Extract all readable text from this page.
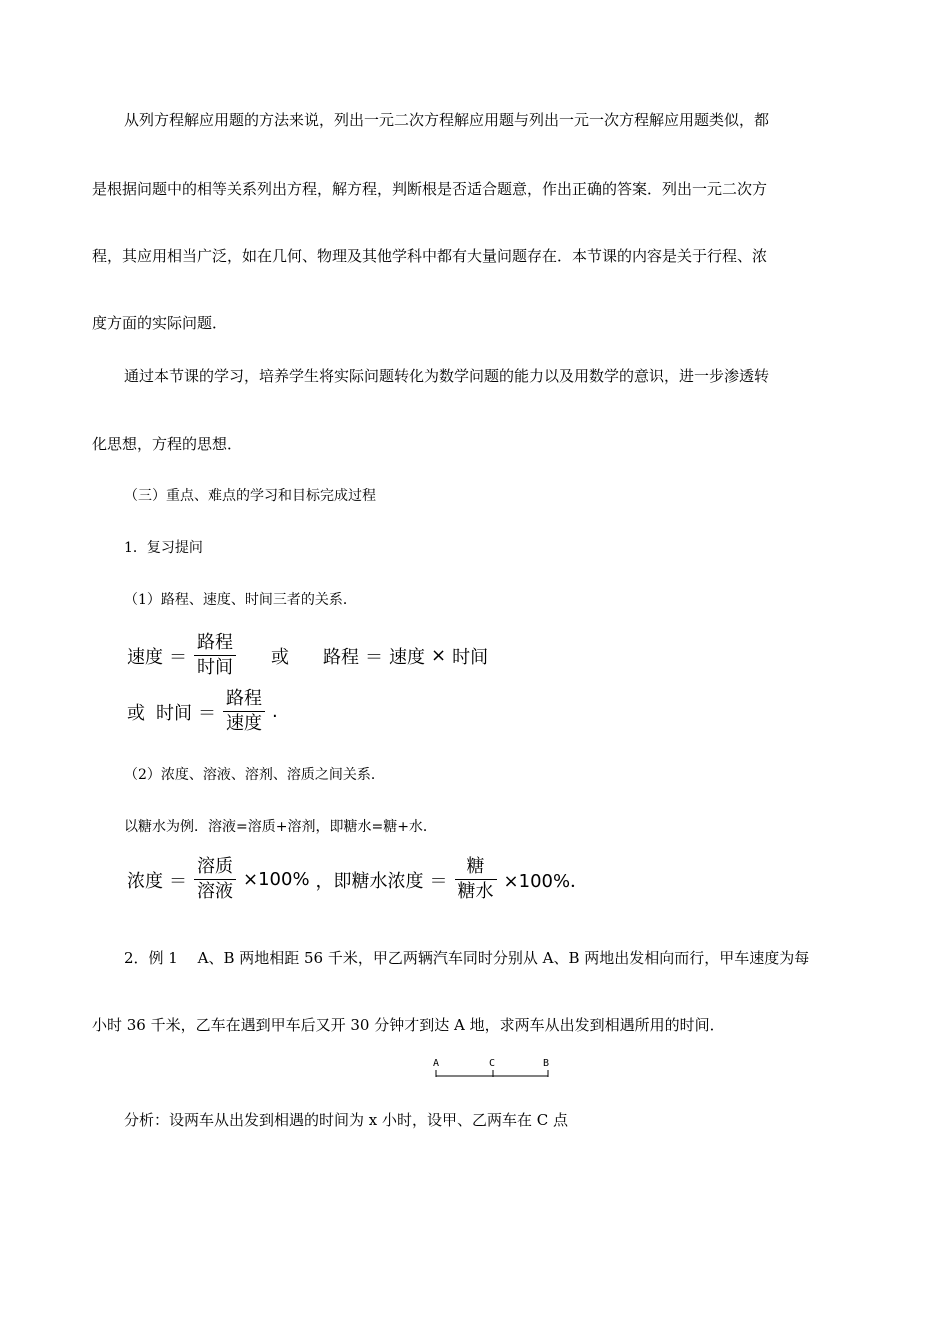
从列方程解应用题的方法来说，列出一元二次方程解应用题与列出一元一次方程解应用题类似，都
是根据问题中的相等关系列出方程，解方程，判断根是否适合题意，作出正确的答案．列出一元二次方
程，其应用相当广泛，如在几何、物理及其他学科中都有大量问题存在．本节课的内容是关于行程、浓
度方面的实际问题．
通过本节课的学习，培养学生将实际问题转化为数学问题的能力以及用数学的意识，进一步渗透转
化思想，方程的思想．
（三）重点、难点的学习和目标完成过程
1．复习提问
（1）路程、速度、时间三者的关系．
速度 ＝ $\frac{\text{路程}}{\text{时间}}$ 或 路程 ＝ 速度 × 时间
或 时间 ＝ $\frac{\text{路程}}{\text{速度}}$ .
（2）浓度、溶液、溶剂、溶质之间关系．
以糖水为例．溶液=溶质+溶剂，即糖水=糖+水．
浓度 ＝ $\frac{\text{溶质}}{\text{溶液}} \times 100\%$ ，即糖水浓度 ＝ $\frac{\text{糖}}{\text{糖水}} \times 100\%$．
2．例 1　 A、B 两地相距 56 千米，甲乙两辆汽车同时分别从 A、B 两地出发相向而行，甲车速度为每
小时 36 千米，乙车在遇到甲车后又开 30 分钟才到达 A 地，求两车从出发到相遇所用的时间．
A	C	B
分析：设两车从出发到相遇的时间为 x 小时，设甲、乙两车在 C 点
